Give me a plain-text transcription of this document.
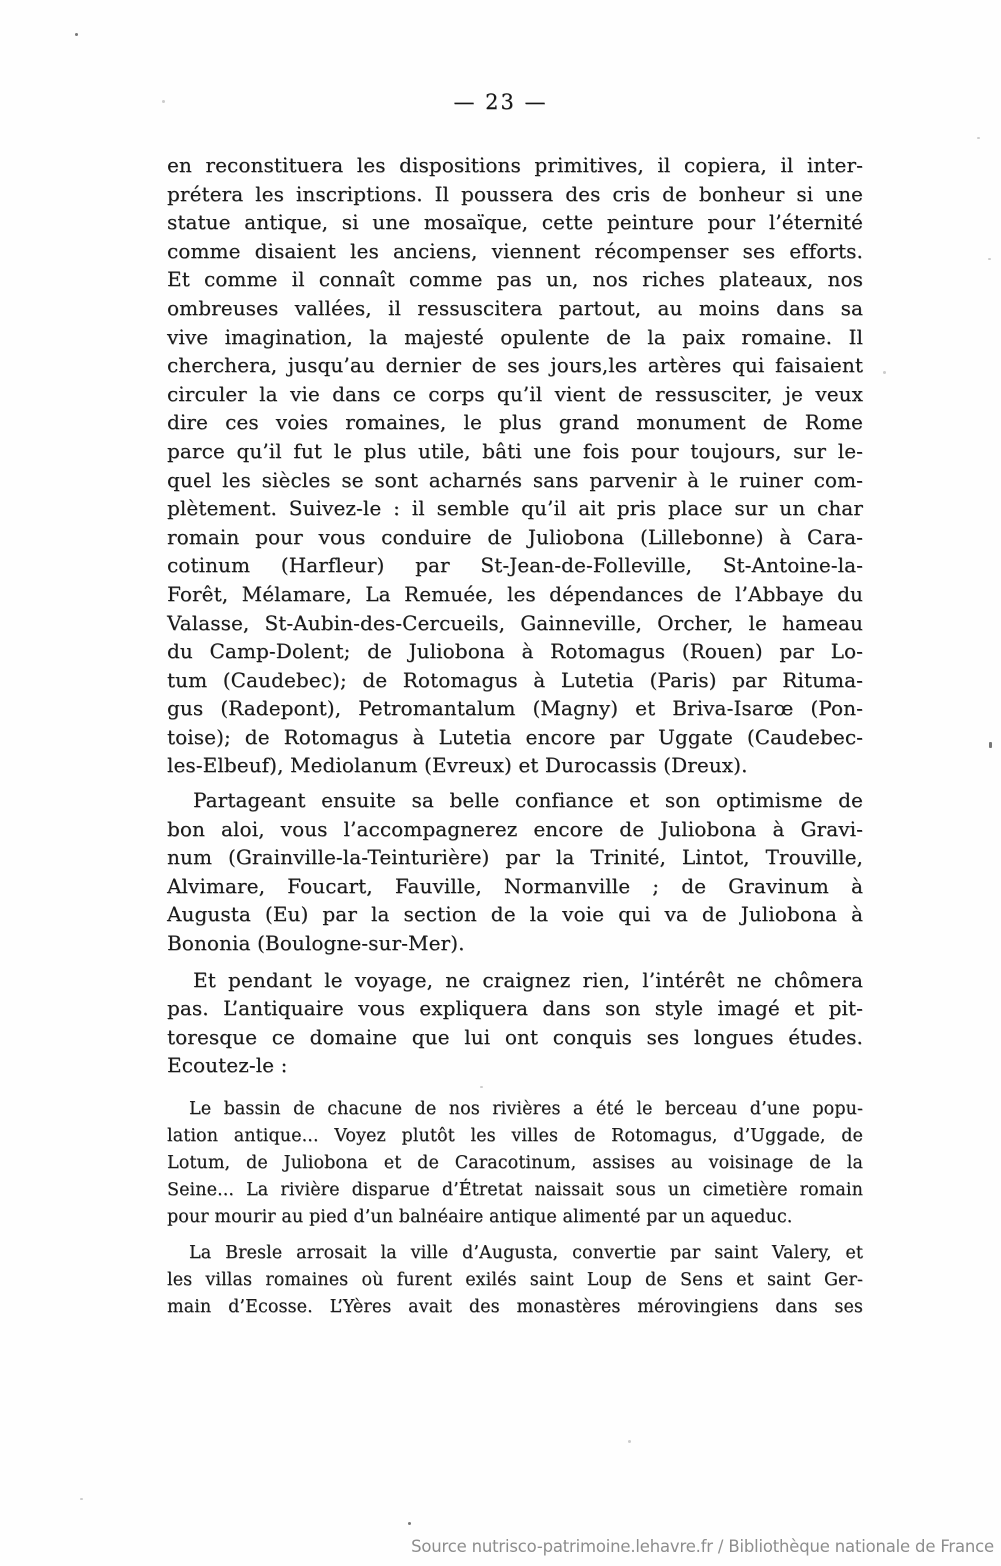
— 23 —
en reconstituera les dispositions primitives, il copiera, il inter-
prétera les inscriptions. Il poussera des cris de bonheur si une
statue antique, si une mosaïque, cette peinture pour l’éternité
comme disaient les anciens, viennent récompenser ses efforts.
Et comme il connaît comme pas un, nos riches plateaux, nos
ombreuses vallées, il ressuscitera partout, au moins dans sa
vive imagination, la majesté opulente de la paix romaine. Il
cherchera, jusqu’au dernier de ses jours,les artères qui faisaient
circuler la vie dans ce corps qu’il vient de ressusciter, je veux
dire ces voies romaines, le plus grand monument de Rome
parce qu’il fut le plus utile, bâti une fois pour toujours, sur le-
quel les siècles se sont acharnés sans parvenir à le ruiner com-
plètement. Suivez-le : il semble qu’il ait pris place sur un char
romain pour vous conduire de Juliobona (Lillebonne) à Cara-
cotinum (Harfleur) par St-Jean-de-Folleville, St-Antoine-la-
Forêt, Mélamare, La Remuée, les dépendances de l’Abbaye du
Valasse, St-Aubin-des-Cercueils, Gainneville, Orcher, le hameau
du Camp-Dolent; de Juliobona à Rotomagus (Rouen) par Lo-
tum (Caudebec); de Rotomagus à Lutetia (Paris) par Rituma-
gus (Radepont), Petromantalum (Magny) et Briva-Isarœ (Pon-
toise); de Rotomagus à Lutetia encore par Uggate (Caudebec-
les-Elbeuf), Mediolanum (Evreux) et Durocassis (Dreux).
Partageant ensuite sa belle confiance et son optimisme de
bon aloi, vous l’accompagnerez encore de Juliobona à Gravi-
num (Grainville-la-Teinturière) par la Trinité, Lintot, Trouville,
Alvimare, Foucart, Fauville, Normanville ; de Gravinum à
Augusta (Eu) par la section de la voie qui va de Juliobona à
Bononia (Boulogne-sur-Mer).
Et pendant le voyage, ne craignez rien, l’intérêt ne chômera
pas. L’antiquaire vous expliquera dans son style imagé et pit-
toresque ce domaine que lui ont conquis ses longues études.
Ecoutez-le :
Le bassin de chacune de nos rivières a été le berceau d’une popu-
lation antique... Voyez plutôt les villes de Rotomagus, d’Uggade, de
Lotum, de Juliobona et de Caracotinum, assises au voisinage de la
Seine... La rivière disparue d’Étretat naissait sous un cimetière romain
pour mourir au pied d’un balnéaire antique alimenté par un aqueduc.
La Bresle arrosait la ville d’Augusta, convertie par saint Valery, et
les villas romaines où furent exilés saint Loup de Sens et saint Ger-
main d’Ecosse. L’Yères avait des monastères mérovingiens dans ses
Source nutrisco-patrimoine.lehavre.fr / Bibliothèque nationale de France
